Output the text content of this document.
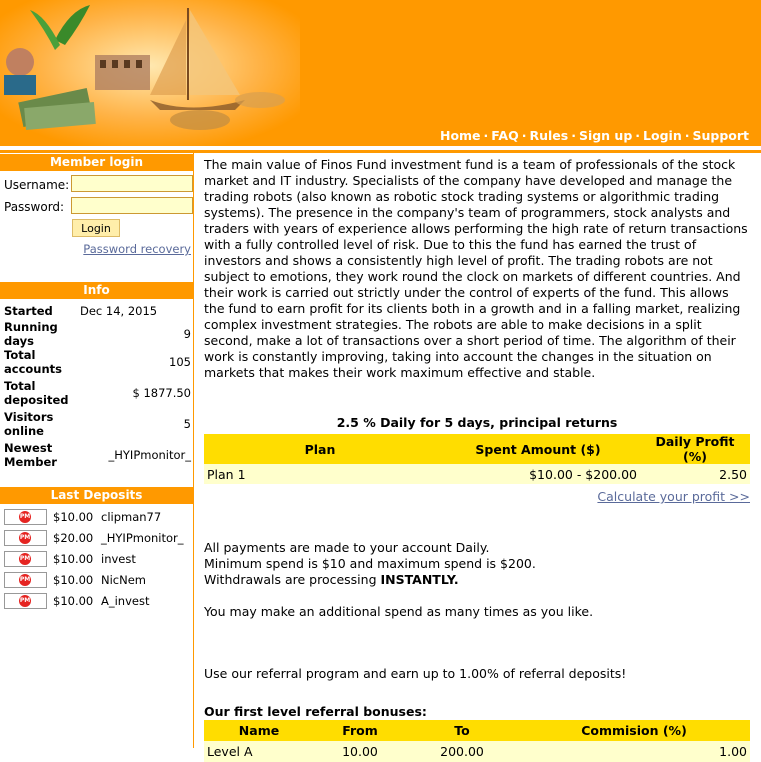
Home · FAQ · Rules · Sign up · Login · Support
Member login
Username:
Password:
Login
Password recovery
Info
Started	Dec 14, 2015
Running days	9
Total accounts	105
Total deposited	$ 1877.50
Visitors online	5
Newest Member	_HYIPmonitor_
Last Deposits
PM $10.00 clipman77
PM $20.00 _HYIPmonitor_
PM $10.00 invest
PM $10.00 NicNem
PM $10.00 A_invest

The main value of Finos Fund investment fund is a team of professionals of the stock market and IT industry. Specialists of the company have developed and manage the trading robots (also known as robotic stock trading systems or algorithmic trading systems). The presence in the company's team of programmers, stock analysts and traders with years of experience allows performing the high rate of return transactions with a fully controlled level of risk. Due to this the fund has earned the trust of investors and shows a consistently high level of profit. The trading robots are not subject to emotions, they work round the clock on markets of different countries. And their work is carried out strictly under the control of experts of the fund. This allows the fund to earn profit for its clients both in a growth and in a falling market, realizing complex investment strategies. The robots are able to make decisions in a split second, make a lot of transactions over a short period of time. The algorithm of their work is constantly improving, taking into account the changes in the situation on markets that makes their work maximum effective and stable.

2.5 % Daily for 5 days, principal returns
Plan	Spent Amount ($)	Daily Profit (%)
Plan 1	$10.00 - $200.00	2.50
Calculate your profit >>

All payments are made to your account Daily.

Minimum spend is $10 and maximum spend is $200.

Withdrawals are processing INSTANTLY.

You may make an additional spend as many times as you like.

Use our referral program and earn up to 1.00% of referral deposits!

Our first level referral bonuses:
Name	From	To	Commision (%)
Level A	10.00	200.00	1.00
